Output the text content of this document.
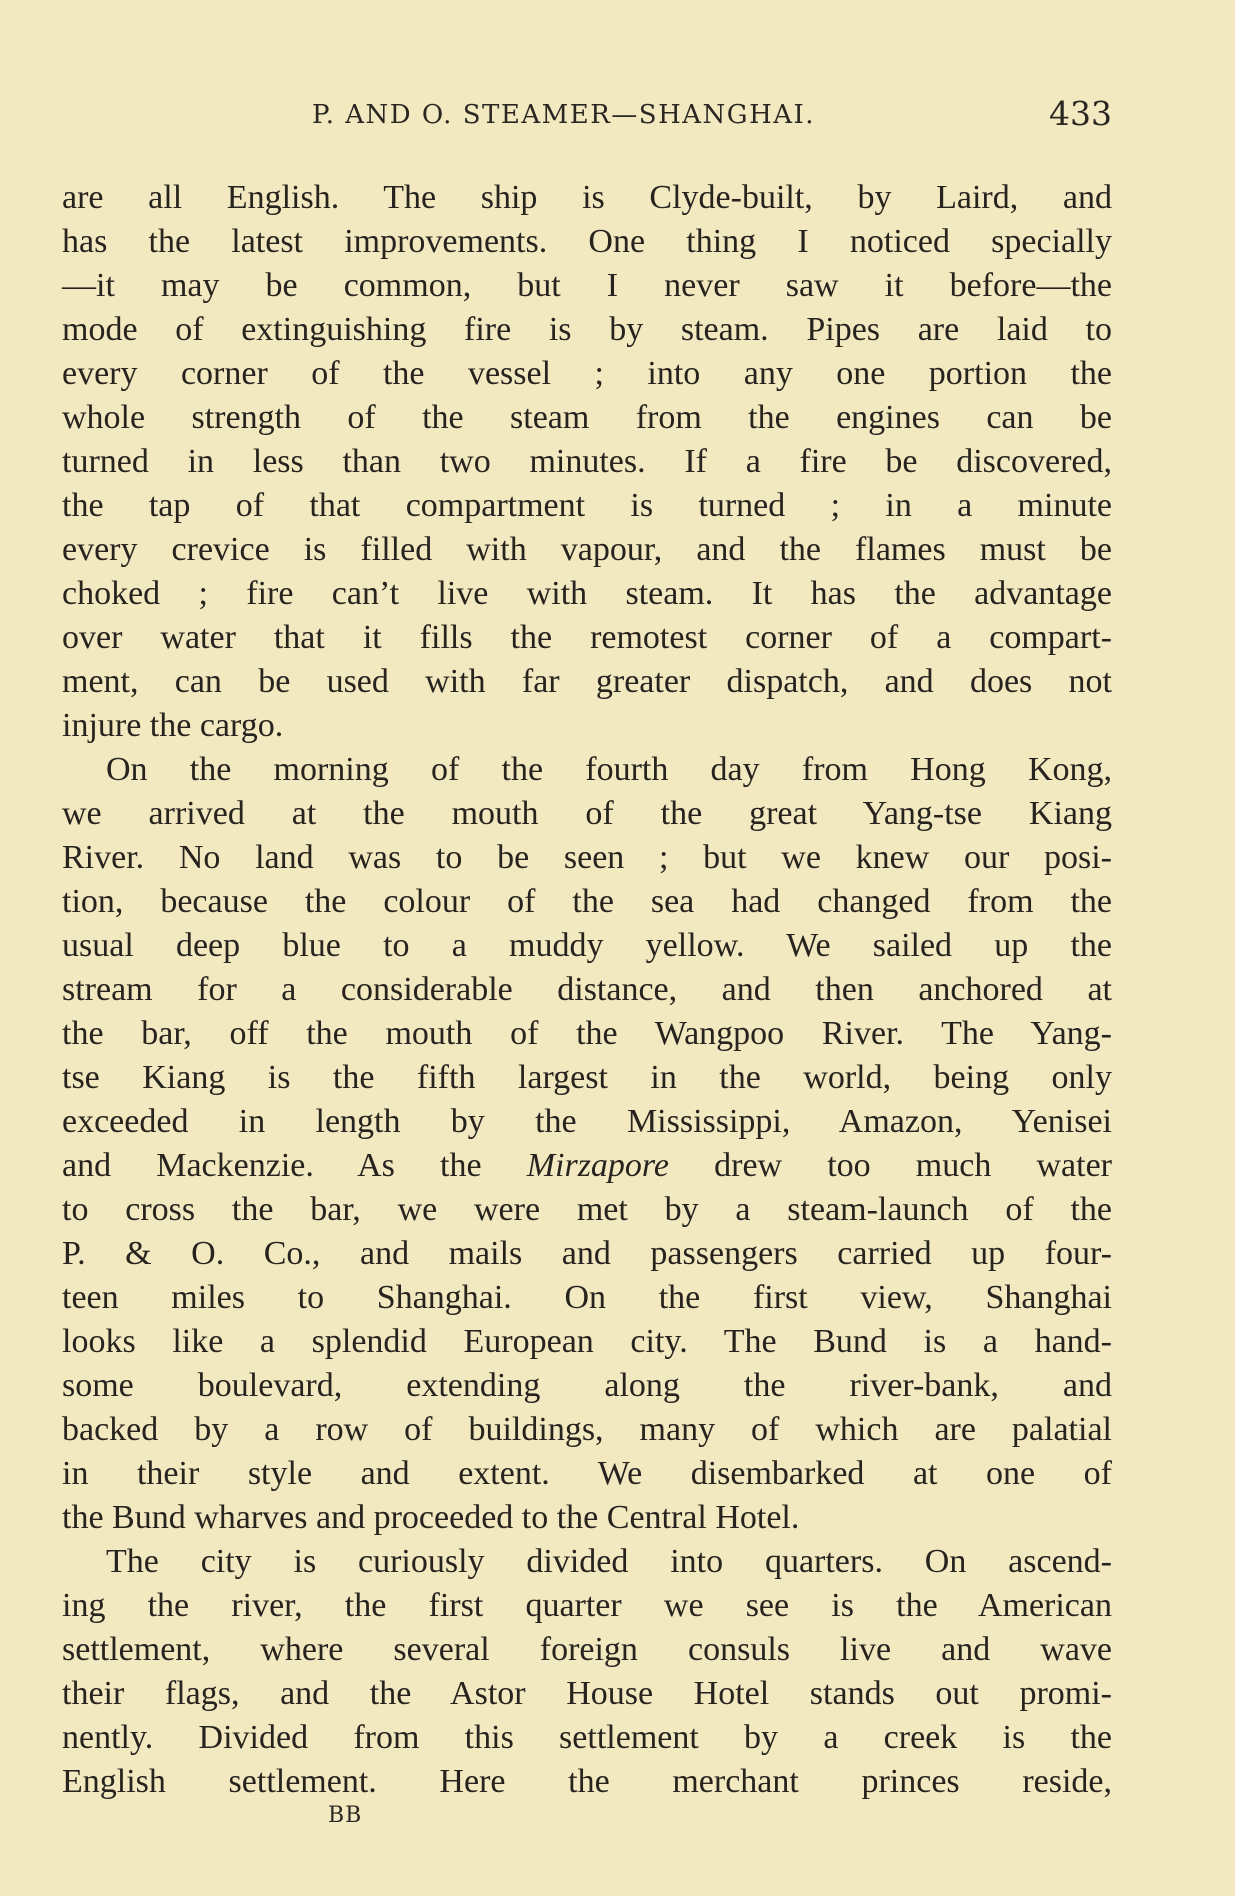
P. AND O. STEAMER—SHANGHAI.	433
are all English. The ship is Clyde-built, by Laird, and
has the latest improvements. One thing I noticed specially
—it may be common, but I never saw it before—the
mode of extinguishing fire is by steam. Pipes are laid to
every corner of the vessel ; into any one portion the
whole strength of the steam from the engines can be
turned in less than two minutes. If a fire be discovered,
the tap of that compartment is turned ; in a minute
every crevice is filled with vapour, and the flames must be
choked ; fire can’t live with steam. It has the advantage
over water that it fills the remotest corner of a compart-
ment, can be used with far greater dispatch, and does not
injure the cargo.
On the morning of the fourth day from Hong Kong,
we arrived at the mouth of the great Yang-tse Kiang
River. No land was to be seen ; but we knew our posi-
tion, because the colour of the sea had changed from the
usual deep blue to a muddy yellow. We sailed up the
stream for a considerable distance, and then anchored at
the bar, off the mouth of the Wangpoo River. The Yang-
tse Kiang is the fifth largest in the world, being only
exceeded in length by the Mississippi, Amazon, Yenisei
and Mackenzie. As the Mirzapore drew too much water
to cross the bar, we were met by a steam-launch of the
P. & O. Co., and mails and passengers carried up four-
teen miles to Shanghai. On the first view, Shanghai
looks like a splendid European city. The Bund is a hand-
some boulevard, extending along the river-bank, and
backed by a row of buildings, many of which are palatial
in their style and extent. We disembarked at one of
the Bund wharves and proceeded to the Central Hotel.
The city is curiously divided into quarters. On ascend-
ing the river, the first quarter we see is the American
settlement, where several foreign consuls live and wave
their flags, and the Astor House Hotel stands out promi-
nently. Divided from this settlement by a creek is the
English settlement. Here the merchant princes reside,
BB
